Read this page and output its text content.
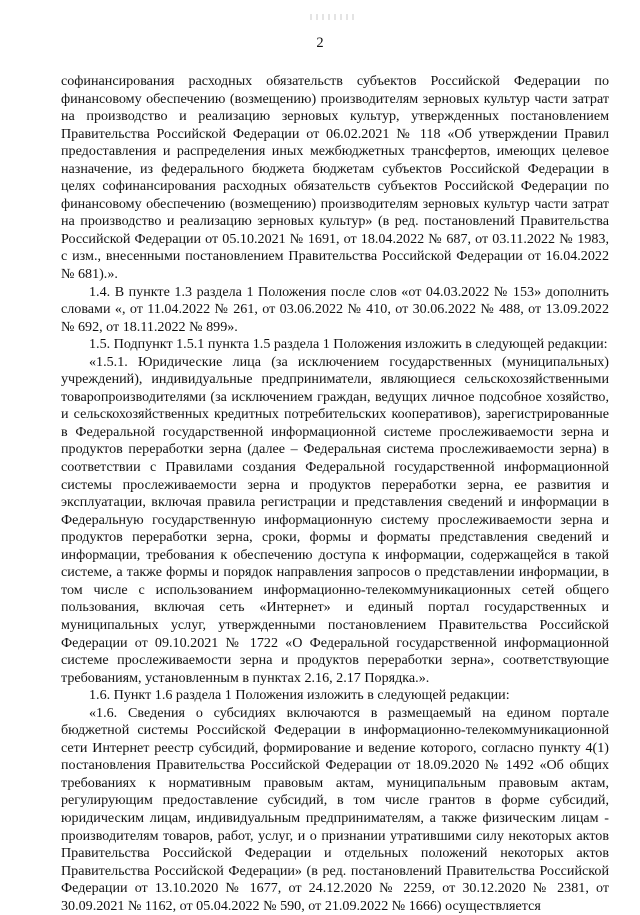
2

софинансирования расходных обязательств субъектов Российской Федерации по финансовому обеспечению (возмещению) производителям зерновых культур части затрат на производство и реализацию зерновых культур, утвержденных постановлением Правительства Российской Федерации от 06.02.2021 № 118 «Об утверждении Правил предоставления и распределения иных межбюджетных трансфертов, имеющих целевое назначение, из федерального бюджета бюджетам субъектов Российской Федерации в целях софинансирования расходных обязательств субъектов Российской Федерации по финансовому обеспечению (возмещению) производителям зерновых культур части затрат на производство и реализацию зерновых культур» (в ред. постановлений Правительства Российской Федерации от 05.10.2021 № 1691, от 18.04.2022 № 687, от 03.11.2022 № 1983, с изм., внесенными постановлением Правительства Российской Федерации от 16.04.2022 № 681).».

1.4. В пункте 1.3 раздела 1 Положения после слов «от 04.03.2022 № 153» дополнить словами «, от 11.04.2022 № 261, от 03.06.2022 № 410, от 30.06.2022 № 488, от 13.09.2022 № 692, от 18.11.2022 № 899».

1.5. Подпункт 1.5.1 пункта 1.5 раздела 1 Положения изложить в следующей редакции:

«1.5.1. Юридические лица (за исключением государственных (муниципальных) учреждений), индивидуальные предприниматели, являющиеся сельскохозяйственными товаропроизводителями (за исключением граждан, ведущих личное подсобное хозяйство, и сельскохозяйственных кредитных потребительских кооперативов), зарегистрированные в Федеральной государственной информационной системе прослеживаемости зерна и продуктов переработки зерна (далее – Федеральная система прослеживаемости зерна) в соответствии с Правилами создания Федеральной государственной информационной системы прослеживаемости зерна и продуктов переработки зерна, ее развития и эксплуатации, включая правила регистрации и представления сведений и информации в Федеральную государственную информационную систему прослеживаемости зерна и продуктов переработки зерна, сроки, формы и форматы представления сведений и информации, требования к обеспечению доступа к информации, содержащейся в такой системе, а также формы и порядок направления запросов о представлении информации, в том числе с использованием информационно-телекоммуникационных сетей общего пользования, включая сеть «Интернет» и единый портал государственных и муниципальных услуг, утвержденными постановлением Правительства Российской Федерации от 09.10.2021 № 1722 «О Федеральной государственной информационной системе прослеживаемости зерна и продуктов переработки зерна», соответствующие требованиям, установленным в пунктах 2.16, 2.17 Порядка.».

1.6. Пункт 1.6 раздела 1 Положения изложить в следующей редакции:

«1.6. Сведения о субсидиях включаются в размещаемый на едином портале бюджетной системы Российской Федерации в информационно-телекоммуникационной сети Интернет реестр субсидий, формирование и ведение которого, согласно пункту 4(1) постановления Правительства Российской Федерации от 18.09.2020 № 1492 «Об общих требованиях к нормативным правовым актам, муниципальным правовым актам, регулирующим предоставление субсидий, в том числе грантов в форме субсидий, юридическим лицам, индивидуальным предпринимателям, а также физическим лицам - производителям товаров, работ, услуг, и о признании утратившими силу некоторых актов Правительства Российской Федерации и отдельных положений некоторых актов Правительства Российской Федерации» (в ред. постановлений Правительства Российской Федерации от 13.10.2020 № 1677, от 24.12.2020 № 2259, от 30.12.2020 № 2381, от 30.09.2021 № 1162, от 05.04.2022 № 590, от 21.09.2022 № 1666) осуществляется
